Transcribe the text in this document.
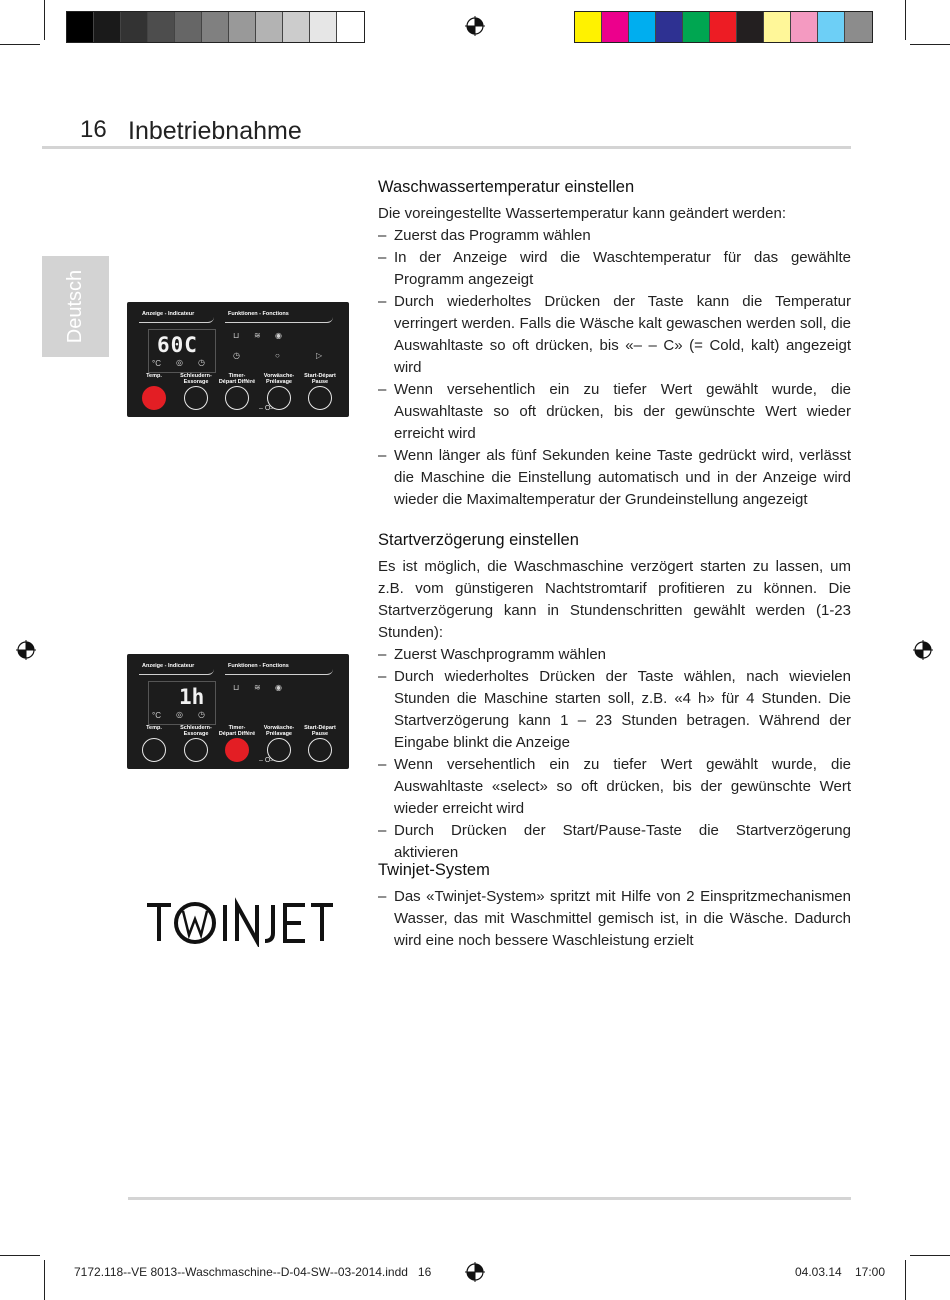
16 Inbetriebnahme
Deutsch
Waschwassertemperatur einstellen

Die voreingestellte Wassertemperatur kann geändert werden:

– Zuerst das Programm wählen
– In der Anzeige wird die Waschtemperatur für das gewählte Programm angezeigt
– Durch wiederholtes Drücken der Taste kann die Temperatur verringert werden. Falls die Wäsche kalt gewaschen werden soll, die Auswahltaste so oft drücken, bis «– – C» (= Cold, kalt) angezeigt wird
– Wenn versehentlich ein zu tiefer Wert gewählt wurde, die Auswahltaste so oft drücken, bis der gewünschte Wert wieder erreicht wird
– Wenn länger als fünf Sekunden keine Taste gedrückt wird, verlässt die Maschine die Einstellung automatisch und in der Anzeige wird wieder die Maximaltemperatur der Grundeinstellung angezeigt
Startverzögerung einstellen

Es ist möglich, die Waschmaschine verzögert starten zu lassen, um z.B. vom günstigeren Nachtstromtarif profitieren zu können. Die Startverzögerung kann in Stundenschritten gewählt werden (1-23 Stunden):

– Zuerst Waschprogramm wählen
– Durch wiederholtes Drücken der Taste wählen, nach wievielen Stunden die Maschine starten soll, z.B. «4 h» für 4 Stunden. Die Startverzögerung kann 1 – 23 Stunden betragen. Während der Eingabe blinkt die Anzeige
– Wenn versehentlich ein zu tiefer Wert gewählt wurde, die Auswahltaste «select» so oft drücken, bis der gewünschte Wert wieder erreicht wird
– Durch Drücken der Start/Pause-Taste die Startverzögerung aktivieren
Twinjet-System
– Das «Twinjet-System» spritzt mit Hilfe von 2 Einspritzmechanismen Wasser, das mit Waschmittel gemisch ist, in die Wäsche. Dadurch wird eine noch bessere Waschleistung erzielt
Anzeige - Indicateur	Funktionen - Fonctions
60C
°C ◎ ◷
⊔ ≋ ◉
◷	○	▷
Temp.	Schleudern-
Essorage
Timer-
Départ Différé
Vorwäsche-
Prélavage
Start-Départ
Pause
– O–
Anzeige - Indicateur	Funktionen - Fonctions
1h
°C ◎ ◷
⊔ ≋ ◉
Temp.	Schleudern-
Essorage
Timer-
Départ Différé
Vorwäsche-
Prélavage
Start-Départ
Pause
– O–
7172.118--VE 8013--Waschmaschine--D-04-SW--03-2014.indd   16	04.03.14 17:00
